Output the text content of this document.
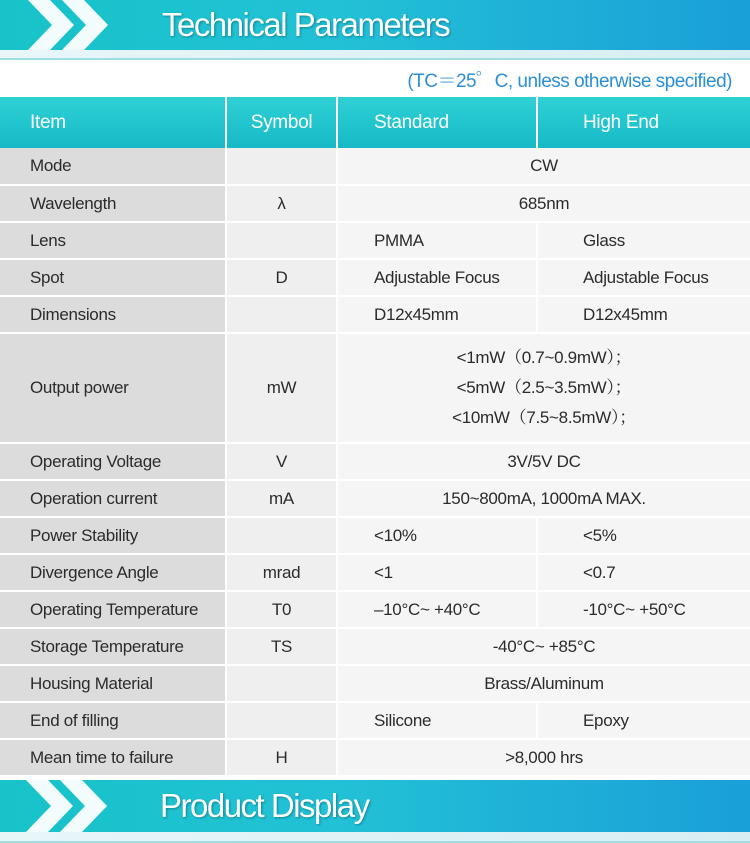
Technical Parameters
(TC＝25゜C, unless otherwise specified)
Item	Symbol	Standard	High End
Mode		CW	
Wavelength	λ	685nm	
Lens		PMMA	Glass
Spot	D	Adjustable Focus	Adjustable Focus
Dimensions		D12x45mm	D12x45mm
Output power	mW	<1mW（0.7~0.9mW）；
<5mW（2.5~3.5mW）；
<10mW（7.5~8.5mW）；	

Operating Voltage	V	3V/5V DC	
Operation current	mA	150~800mA, 1000mA MAX.	
Power Stability		<10%	<5%
Divergence Angle	mrad	<1	<0.7
Operating Temperature	T0	–10°C~ +40°C	-10°C~ +50°C
Storage Temperature	TS	-40°C~ +85°C	
Housing Material		Brass/Aluminum	
End of filling		Silicone	Epoxy
Mean time to failure	H	>8,000 hrs	
Product Display
